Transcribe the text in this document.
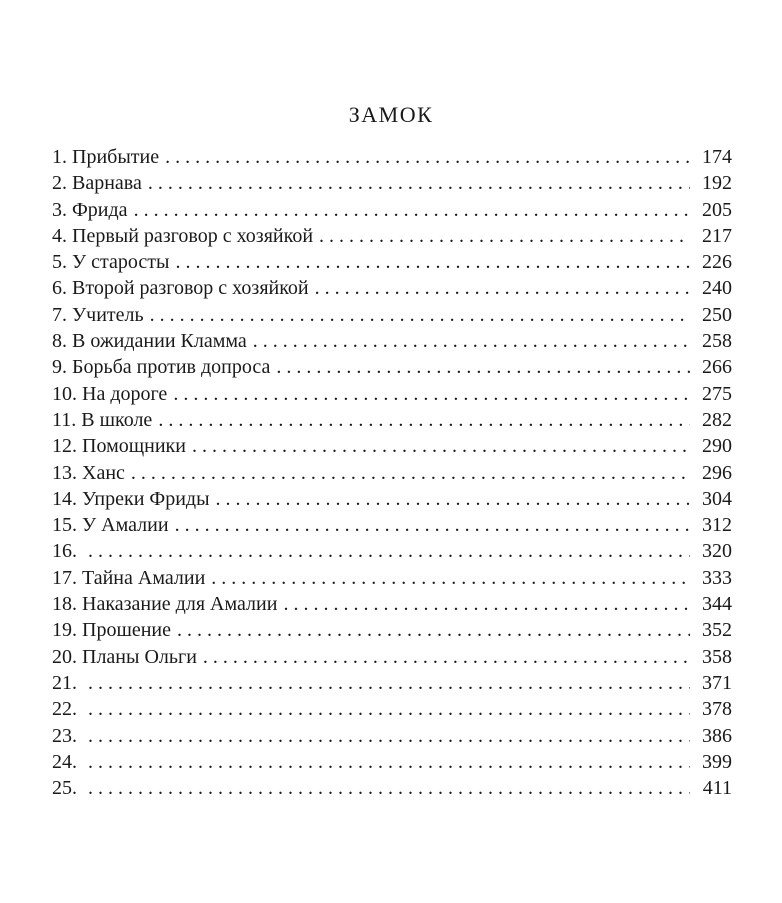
ЗАМОК
1. Прибытие . . .	174
2. Варнава . . .	192
3. Фрида . . .	205
4. Первый разговор с хозяйкой . . .	217
5. У старосты . . .	226
6. Второй разговор с хозяйкой . . .	240
7. Учитель . . .	250
8. В ожидании Кламма . . .	258
9. Борьба против допроса . . .	266
10. На дороге . . .	275
11. В школе . . .	282
12. Помощники . . .	290
13. Ханс . . .	296
14. Упреки Фриды . . .	304
15. У Амалии . . .	312
16. . . .	320
17. Тайна Амалии . . .	333
18. Наказание для Амалии . . .	344
19. Прошение . . .	352
20. Планы Ольги . . .	358
21. . . .	371
22. . . .	378
23. . . .	386
24. . . .	399
25. . . .	411
